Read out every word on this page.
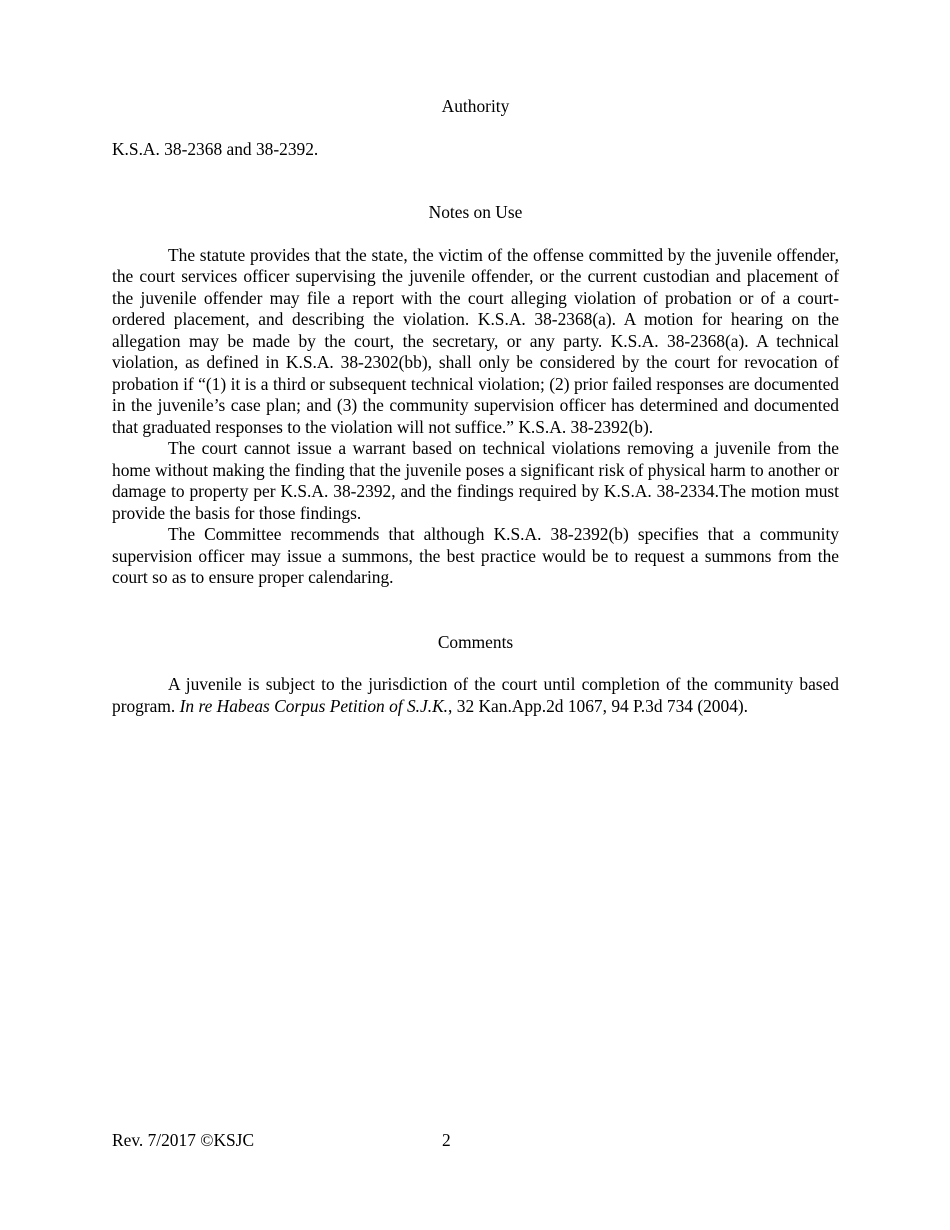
Authority

K.S.A. 38-2368 and 38-2392.

Notes on Use

The statute provides that the state, the victim of the offense committed by the juvenile offender, the court services officer supervising the juvenile offender, or the current custodian and placement of the juvenile offender may file a report with the court alleging violation of probation or of a court-ordered placement, and describing the violation. K.S.A. 38-2368(a). A motion for hearing on the allegation may be made by the court, the secretary, or any party. K.S.A. 38-2368(a). A technical violation, as defined in K.S.A. 38-2302(bb), shall only be considered by the court for revocation of probation if “(1) it is a third or subsequent technical violation; (2) prior failed responses are documented in the juvenile’s case plan; and (3) the community supervision officer has determined and documented that graduated responses to the violation will not suffice.” K.S.A. 38-2392(b).

The court cannot issue a warrant based on technical violations removing a juvenile from the home without making the finding that the juvenile poses a significant risk of physical harm to another or damage to property per K.S.A. 38-2392, and the findings required by K.S.A. 38-2334.The motion must provide the basis for those findings.

The Committee recommends that although K.S.A. 38-2392(b) specifies that a community supervision officer may issue a summons, the best practice would be to request a summons from the court so as to ensure proper calendaring.

Comments

A juvenile is subject to the jurisdiction of the court until completion of the community based program. In re Habeas Corpus Petition of S.J.K., 32 Kan.App.2d 1067, 94 P.3d 734 (2004).

Rev. 7/2017 ©KSJC	2
